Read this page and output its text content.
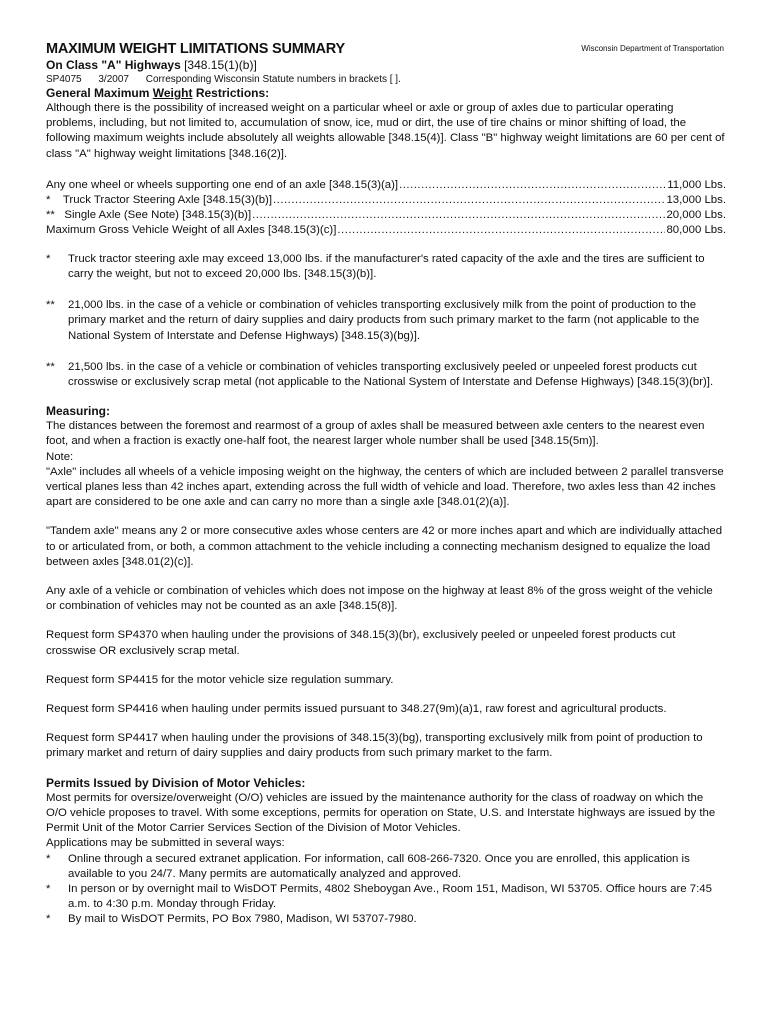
Wisconsin Department of Transportation
MAXIMUM WEIGHT LIMITATIONS SUMMARY
On Class "A" Highways [348.15(1)(b)]
SP4075 3/2007 Corresponding Wisconsin Statute numbers in brackets [ ].
General Maximum Weight Restrictions:

Although there is the possibility of increased weight on a particular wheel or axle or group of axles due to particular operating problems, including, but not limited to, accumulation of snow, ice, mud or dirt, the use of tire chains or minor shifting of load, the following maximum weights include absolutely all weights allowable [348.15(4)]. Class "B" highway weight limitations are 60 per cent of class "A" highway weight limitations [348.16(2)].

Any one wheel or wheels supporting one end of an axle [348.15(3)(a)] .....	11,000 Lbs.
*    Truck Tractor Steering Axle [348.15(3)(b)] .....	13,000 Lbs.
**   Single Axle (See Note) [348.15(3)(b)] .....	20,000 Lbs.
Maximum Gross Vehicle Weight of all Axles [348.15(3)(c)] .....	80,000 Lbs.
*	Truck tractor steering axle may exceed 13,000 lbs. if the manufacturer's rated capacity of the axle and the tires are sufficient to carry the weight, but not to exceed 20,000 lbs. [348.15(3)(b)].
**	21,000 lbs. in the case of a vehicle or combination of vehicles transporting exclusively milk from the point of production to the primary market and the return of dairy supplies and dairy products from such primary market to the farm (not applicable to the National System of Interstate and Defense Highways) [348.15(3)(bg)].
**	21,500 lbs. in the case of a vehicle or combination of vehicles transporting exclusively peeled or unpeeled forest products cut crosswise or exclusively scrap metal (not applicable to the National System of Interstate and Defense Highways) [348.15(3)(br)].
Measuring:

The distances between the foremost and rearmost of a group of axles shall be measured between axle centers to the nearest even foot, and when a fraction is exactly one-half foot, the nearest larger whole number shall be used [348.15(5m)].

Note:

"Axle" includes all wheels of a vehicle imposing weight on the highway, the centers of which are included between 2 parallel transverse vertical planes less than 42 inches apart, extending across the full width of vehicle and load. Therefore, two axles less than 42 inches apart are considered to be one axle and can carry no more than a single axle [348.01(2)(a)].

"Tandem axle" means any 2 or more consecutive axles whose centers are 42 or more inches apart and which are individually attached to or articulated from, or both, a common attachment to the vehicle including a connecting mechanism designed to equalize the load between axles [348.01(2)(c)].

Any axle of a vehicle or combination of vehicles which does not impose on the highway at least 8% of the gross weight of the vehicle or combination of vehicles may not be counted as an axle [348.15(8)].

Request form SP4370 when hauling under the provisions of 348.15(3)(br), exclusively peeled or unpeeled forest products cut crosswise OR exclusively scrap metal.

Request form SP4415 for the motor vehicle size regulation summary.

Request form SP4416 when hauling under permits issued pursuant to 348.27(9m)(a)1, raw forest and agricultural products.

Request form SP4417 when hauling under the provisions of 348.15(3)(bg), transporting exclusively milk from point of production to primary market and return of dairy supplies and dairy products from such primary market to the farm.

Permits Issued by Division of Motor Vehicles:

Most permits for oversize/overweight (O/O) vehicles are issued by the maintenance authority for the class of roadway on which the O/O vehicle proposes to travel. With some exceptions, permits for operation on State, U.S. and Interstate highways are issued by the Permit Unit of the Motor Carrier Services Section of the Division of Motor Vehicles.

Applications may be submitted in several ways:

*	Online through a secured extranet application. For information, call 608-266-7320. Once you are enrolled, this application is available to you 24/7. Many permits are automatically analyzed and approved.
*	In person or by overnight mail to WisDOT Permits, 4802 Sheboygan Ave., Room 151, Madison, WI 53705. Office hours are 7:45 a.m. to 4:30 p.m. Monday through Friday.
*	By mail to WisDOT Permits, PO Box 7980, Madison, WI 53707-7980.
